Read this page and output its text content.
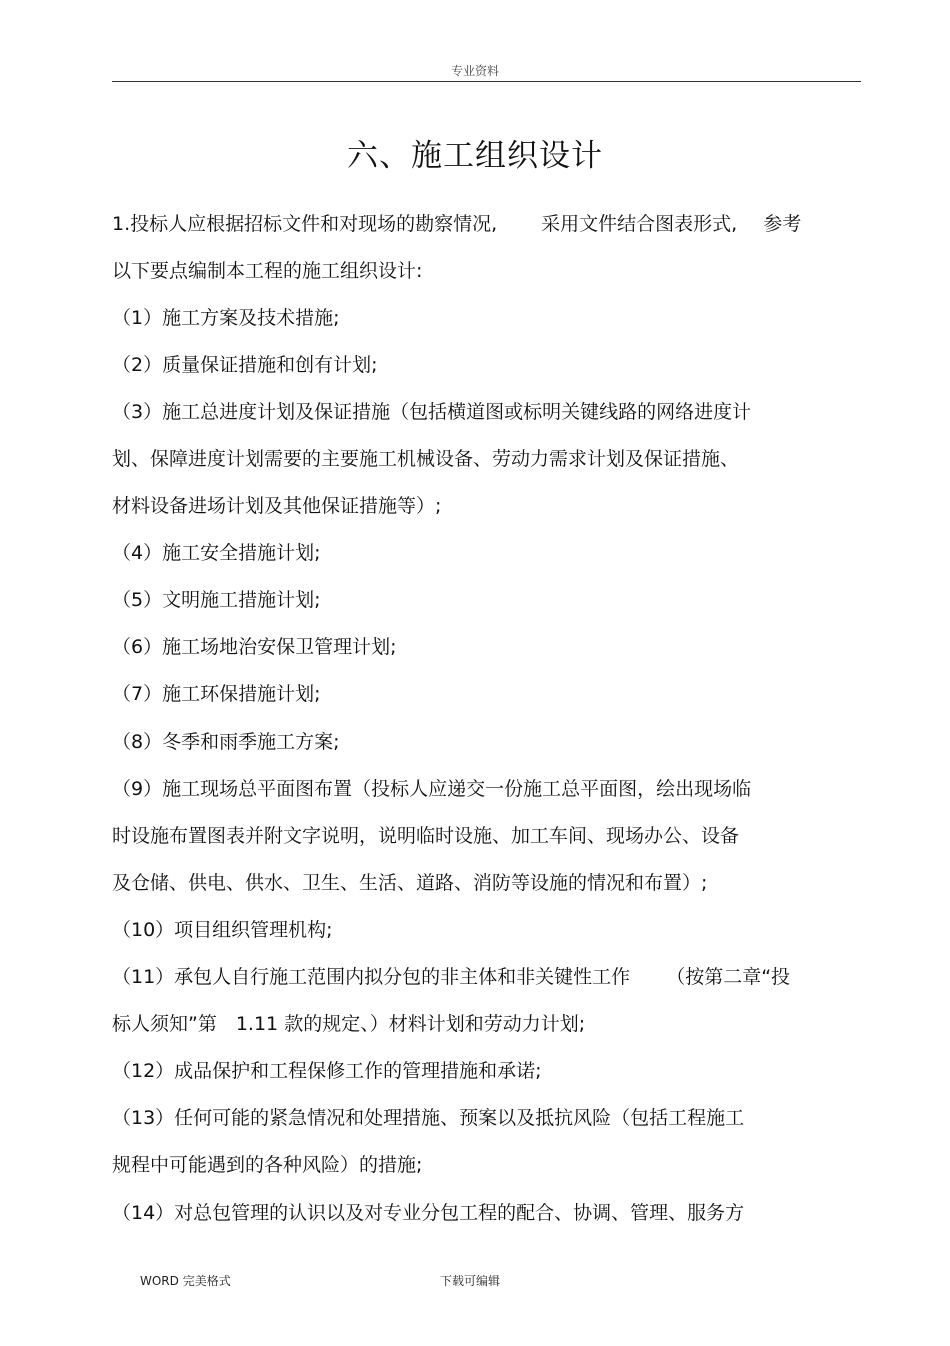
专业资料
六、施工组织设计
1.投标人应根据招标文件和对现场的勘察情况, 采用文件结合图表形式, 参考
以下要点编制本工程的施工组织设计:
（1）施工方案及技术措施;
（2）质量保证措施和创有计划;
（3）施工总进度计划及保证措施（包括横道图或标明关键线路的网络进度计
划、保障进度计划需要的主要施工机械设备、劳动力需求计划及保证措施、
材料设备进场计划及其他保证措施等）;
（4）施工安全措施计划;
（5）文明施工措施计划;
（6）施工场地治安保卫管理计划;
（7）施工环保措施计划;
（8）冬季和雨季施工方案;
（9）施工现场总平面图布置（投标人应递交一份施工总平面图，绘出现场临
时设施布置图表并附文字说明，说明临时设施、加工车间、现场办公、设备
及仓储、供电、供水、卫生、生活、道路、消防等设施的情况和布置）;
（10）项目组织管理机构;
（11）承包人自行施工范围内拟分包的非主体和非关键性工作 （按第二章“投
标人须知”第　1.11 款的规定、）材料计划和劳动力计划;
（12）成品保护和工程保修工作的管理措施和承诺;
（13）任何可能的紧急情况和处理措施、预案以及抵抗风险（包括工程施工
规程中可能遇到的各种风险）的措施;
（14）对总包管理的认识以及对专业分包工程的配合、协调、管理、服务方
WORD 完美格式	下载可编辑
